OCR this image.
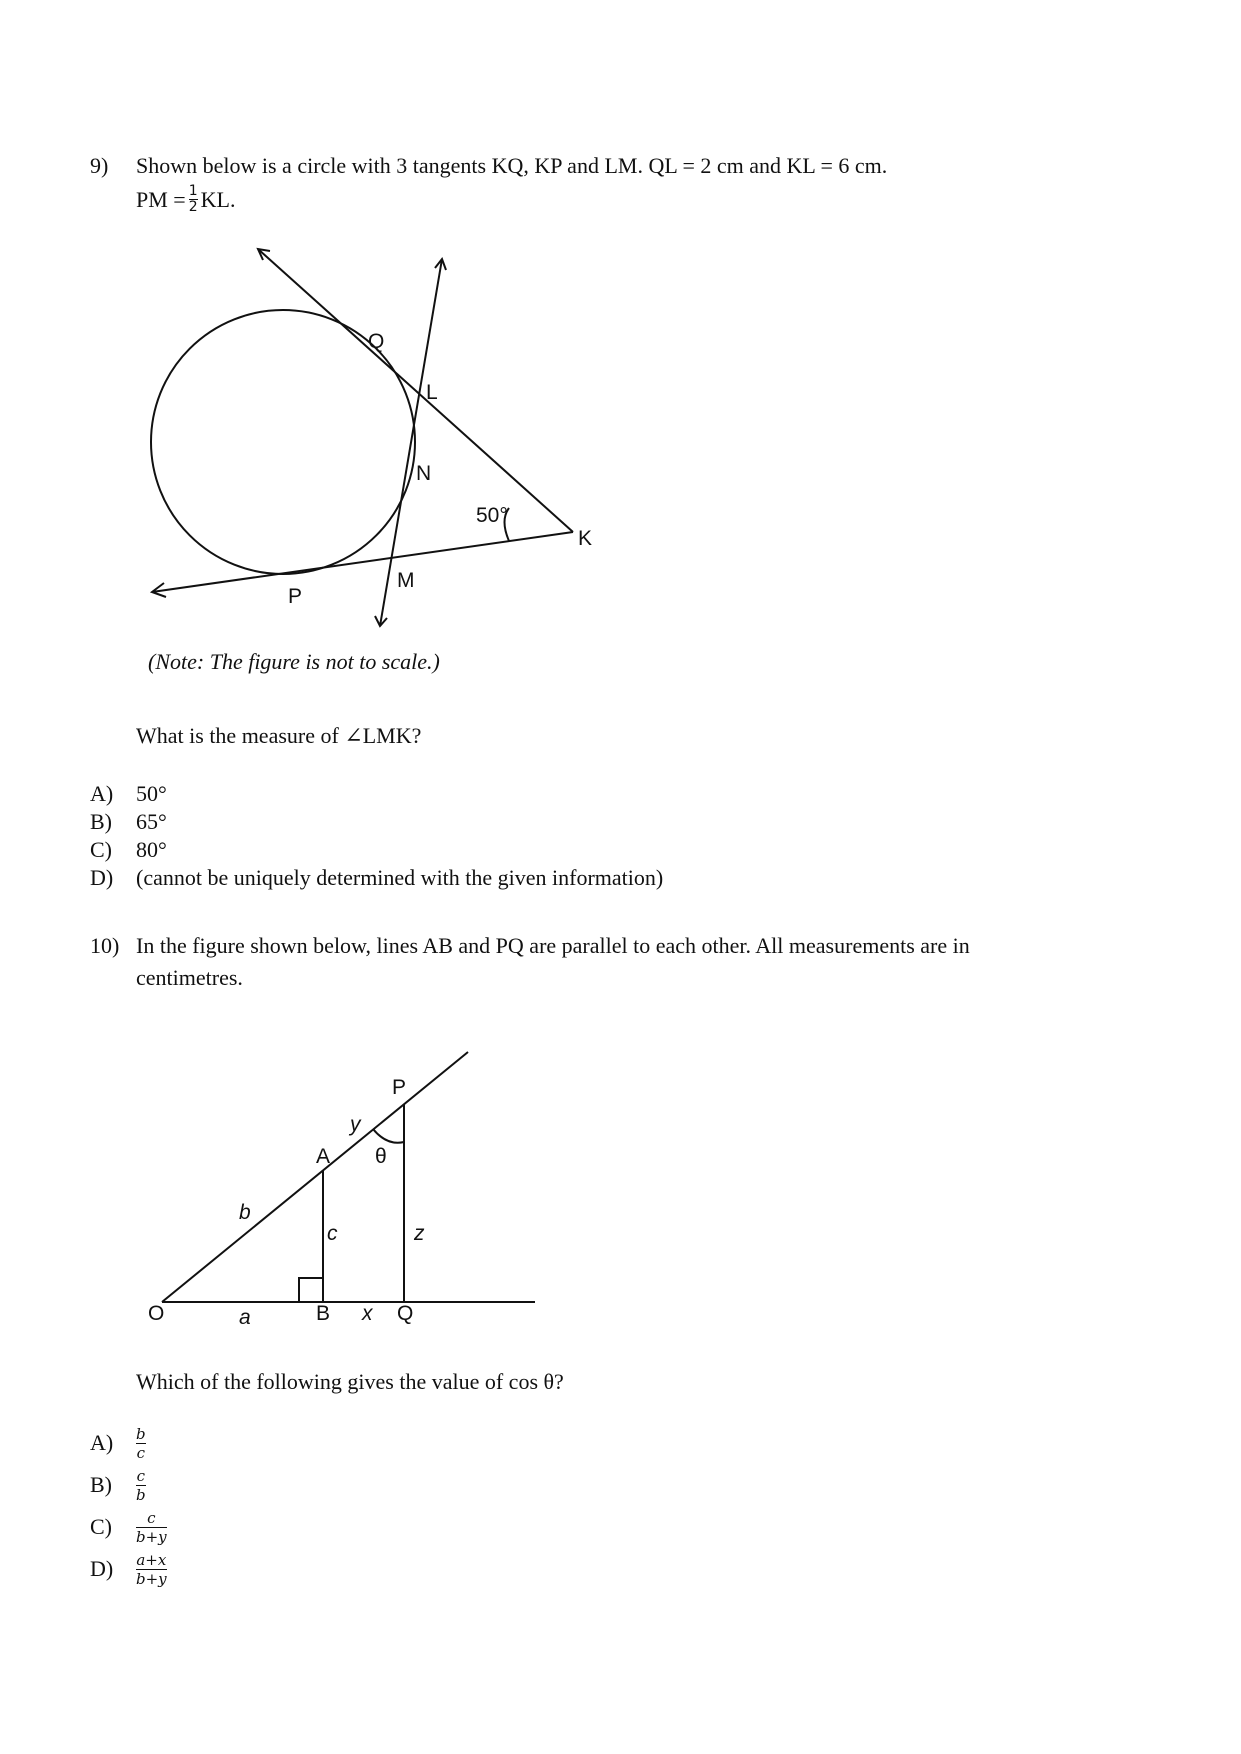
9) Shown below is a circle with 3 tangents KQ, KP and LM. QL = 2 cm and KL = 6 cm.
PM = $\frac{1}{2}$ KL.
Q
L
N
K
P
M
50°
P
y
A θ
b
c	z
O	a	B x Q
(Note: The figure is not to scale.)
What is the measure of ∠LMK?
A) 50°
B) 65°
C) 80°
D) (cannot be uniquely determined with the given information)
10) In the figure shown below, lines AB and PQ are parallel to each other. All measurements are in
centimetres.
Which of the following gives the value of cos θ?
A)	$\frac{b}{c}$
B)	$\frac{c}{b}$
C)	$\frac{c}{b+y}$
D)	$\frac{a+x}{b+y}$
